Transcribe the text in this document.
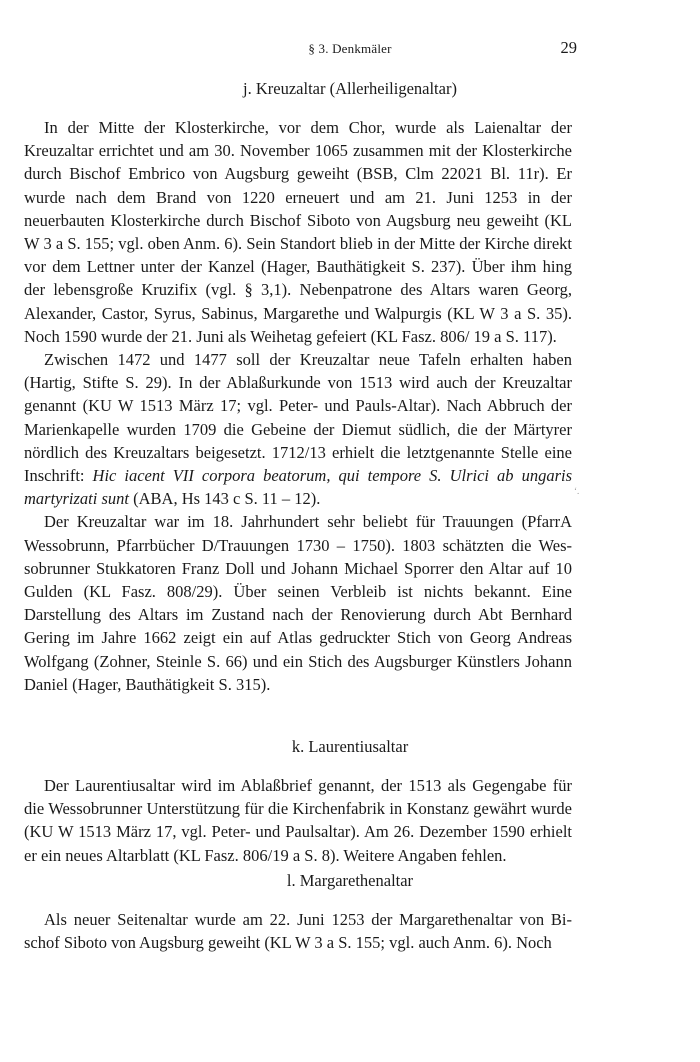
§ 3. Denkmäler	29
j. Kreuzaltar (Allerheiligenaltar)

In der Mitte der Klosterkirche, vor dem Chor, wurde als Laienaltar der Kreuzaltar errichtet und am 30. November 1065 zusammen mit der Klosterkirche durch Bischof Embrico von Augsburg geweiht (BSB, Clm 22021 Bl. 11r). Er wurde nach dem Brand von 1220 erneuert und am 21. Juni 1253 in der neuerbauten Klosterkirche durch Bischof Siboto von Augsburg neu geweiht (KL W 3 a S. 155; vgl. oben Anm. 6). Sein Standort blieb in der Mitte der Kirche direkt vor dem Lettner unter der Kanzel (Hager, Bauthätigkeit S. 237). Über ihm hing der lebensgroße Kruzifix (vgl. § 3,1). Nebenpatrone des Altars waren Georg, Alexander, Castor, Syrus, Sabinus, Margarethe und Walpurgis (KL W 3 a S. 35). Noch 1590 wurde der 21. Juni als Weihetag gefeiert (KL Fasz. 806/ 19 a S. 117).

Zwischen 1472 und 1477 soll der Kreuzaltar neue Tafeln erhalten haben (Hartig, Stifte S. 29). In der Ablaßurkunde von 1513 wird auch der Kreuzaltar genannt (KU W 1513 März 17; vgl. Peter- und Pauls-Altar). Nach Abbruch der Marienkapelle wurden 1709 die Gebeine der Diemut südlich, die der Märtyrer nördlich des Kreuzaltars beigesetzt. 1712/13 erhielt die letztgenannte Stelle eine Inschrift: Hic iacent VII corpora beatorum, qui tempore S. Ulrici ab ungaris martyrizati sunt (ABA, Hs 143 c S. 11 – 12).

Der Kreuzaltar war im 18. Jahrhundert sehr beliebt für Trauungen (PfarrA Wessobrunn, Pfarrbücher D/Trauungen 1730 – 1750). 1803 schätzten die Wessobrunner Stukkatoren Franz Doll und Johann Michael Sporrer den Altar auf 10 Gulden (KL Fasz. 808/29). Über seinen Verbleib ist nichts bekannt. Eine Darstellung des Altars im Zustand nach der Renovierung durch Abt Bernhard Gering im Jahre 1662 zeigt ein auf Atlas gedruckter Stich von Georg Andreas Wolfgang (Zohner, Steinle S. 66) und ein Stich des Augsburger Künstlers Johann Daniel (Hager, Bauthätigkeit S. 315).

ʻ.
k. Laurentiusaltar

Der Laurentiusaltar wird im Ablaßbrief genannt, der 1513 als Gegengabe für die Wessobrunner Unterstützung für die Kirchenfabrik in Konstanz gewährt wurde (KU W 1513 März 17, vgl. Peter- und Paulsaltar). Am 26. Dezember 1590 erhielt er ein neues Altarblatt (KL Fasz. 806/19 a S. 8). Weitere Angaben fehlen.

l. Margarethenaltar

Als neuer Seitenaltar wurde am 22. Juni 1253 der Margarethenaltar von Bischof Siboto von Augsburg geweiht (KL W 3 a S. 155; vgl. auch Anm. 6). Noch
